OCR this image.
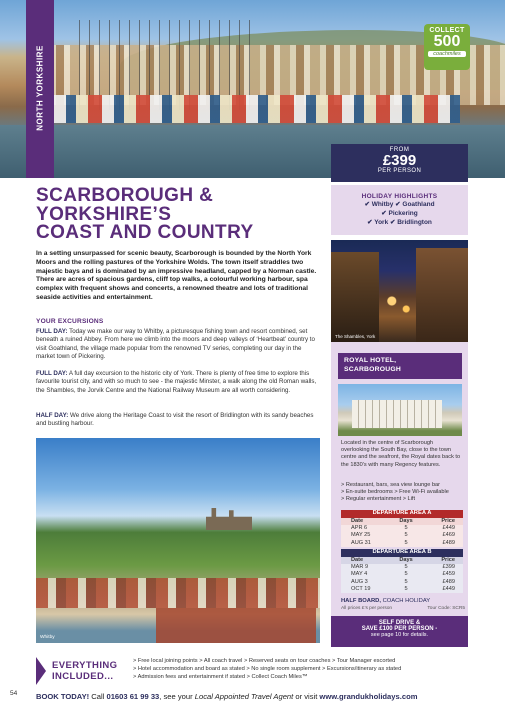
NORTH YORKSHIRE
COLLECT
500
coachmiles
FROM
£399
PER PERSON
SCARBOROUGH &
YORKSHIRE’S
COAST AND COUNTRY
HOLIDAY HIGHLIGHTS
✔ Whitby ✔ Goathland
✔ Pickering
✔ York ✔ Bridlington

In a setting unsurpassed for scenic beauty, Scarborough is bounded by the North York Moors and the rolling pastures of the Yorkshire Wolds. The town itself straddles two majestic bays and is dominated by an impressive headland, capped by a Norman castle. There are acres of spacious gardens, cliff top walks, a colourful working harbour, spa complex with frequent shows and concerts, a renowned theatre and lots of traditional seaside activities and entertainment.

YOUR EXCURSIONS

FULL DAY: Today we make our way to Whitby, a picturesque fishing town and resort combined, set beneath a ruined Abbey. From here we climb into the moors and deep valleys of ‘Heartbeat’ country to visit Goathland, the village made popular from the renowned TV series, completing our day in the market town of Pickering.

FULL DAY: A full day excursion to the historic city of York. There is plenty of free time to explore this favourite tourist city, and with so much to see - the majestic Minster, a walk along the old Roman walls, the Shambles, the Jorvik Centre and the National Railway Museum are all worth considering.

HALF DAY: We drive along the Heritage Coast to visit the resort of Bridlington with its sandy beaches and bustling harbour.

The Shambles, York
ROYAL HOTEL,
SCARBOROUGH

Located in the centre of Scarborough overlooking the South Bay, close to the town centre and the seafront, the Royal dates back to the 1830’s with many Regency features.

> Restaurant, bars, sea view lounge bar
> En-suite bedrooms > Free Wi-Fi available
> Regular entertainment > Lift
DEPARTURE AREA A		
Date	Days	Price
APR 6	5	£449
MAY 25	5	£469
AUG 31	5	£489
DEPARTURE AREA B		
Date	Days	Price
MAR 9	5	£399
MAY 4	5	£459
AUG 3	5	£489
OCT 19	5	£449
HALF BOARD, COACH HOLIDAY
All prices £’s per person	Tour Code: SCR5
SELF DRIVE &
SAVE £100 PER PERSON -
see page 10 for details.
Whitby
EVERYTHING
INCLUDED...
> Free local joining points > All coach travel > Reserved seats on tour coaches > Tour Manager escorted
> Hotel accommodation and board as stated > No single room supplement > Excursions/itinerary as stated
> Admission fees and entertainment if stated > Collect Coach Miles™
54 BOOK TODAY! Call 01603 61 99 33, see your Local Appointed Travel Agent or visit www.grandukholidays.com
